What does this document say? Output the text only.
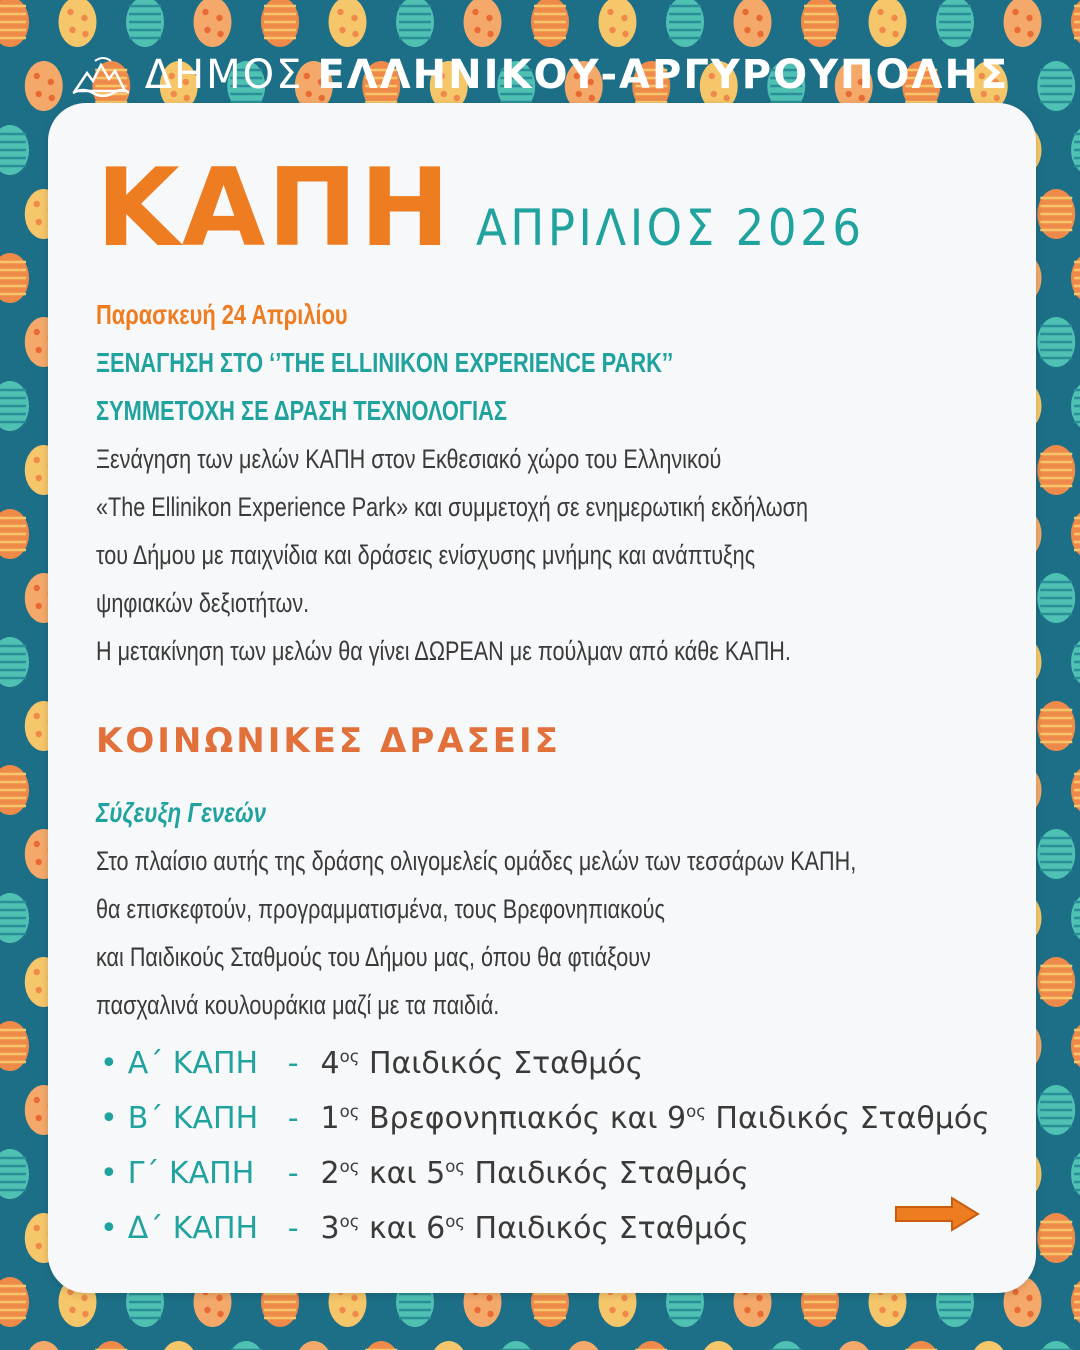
ΔΗΜΟΣ ΕΛΛΗΝΙΚΟΥ-ΑΡΓΥΡΟΥΠΟΛΗΣ
ΚΑΠΗ ΑΠΡΙΛΙΟΣ 2026
Παρασκευή 24 Απριλίου
ΞΕΝΑΓΗΣΗ ΣΤΟ ‘’THE ELLINIKON EXPERIENCE PARK’’
ΣΥΜΜΕΤΟΧΗ ΣΕ ΔΡΑΣΗ ΤΕΧΝΟΛΟΓΙΑΣ
Ξενάγηση των μελών ΚΑΠΗ στον Εκθεσιακό χώρο του Ελληνικού
«The Ellinikon Experience Park» και συμμετοχή σε ενημερωτική εκδήλωση
του Δήμου με παιχνίδια και δράσεις ενίσχυσης μνήμης και ανάπτυξης
ψηφιακών δεξιοτήτων.
Η μετακίνηση των μελών θα γίνει ΔΩΡΕΑΝ με πούλμαν από κάθε ΚΑΠΗ.
ΚΟΙΝΩΝΙΚΕΣ ΔΡΑΣΕΙΣ
Σύζευξη Γενεών
Στο πλαίσιο αυτής της δράσης ολιγομελείς ομάδες μελών των τεσσάρων ΚΑΠΗ,
θα επισκεφτούν, προγραμματισμένα, τους Βρεφονηπιακούς
και Παιδικούς Σταθμούς του Δήμου μας, όπου θα φτιάξουν
πασχαλινά κουλουράκια μαζί με τα παιδιά.
• Α΄ ΚΑΠΗ - $4^{o\varsigma}$ Παιδικός Σταθμός
• Β΄ ΚΑΠΗ - $1^{o\varsigma}$ Βρεφονηπιακός και $9^{o\varsigma}$ Παιδικός Σταθμός
• Γ΄ ΚΑΠΗ	- $2^{o\varsigma}$ και $5^{o\varsigma}$ Παιδικός Σταθμός
• Δ΄ ΚΑΠΗ - $3^{o\varsigma}$ και $6^{o\varsigma}$ Παιδικός Σταθμός
